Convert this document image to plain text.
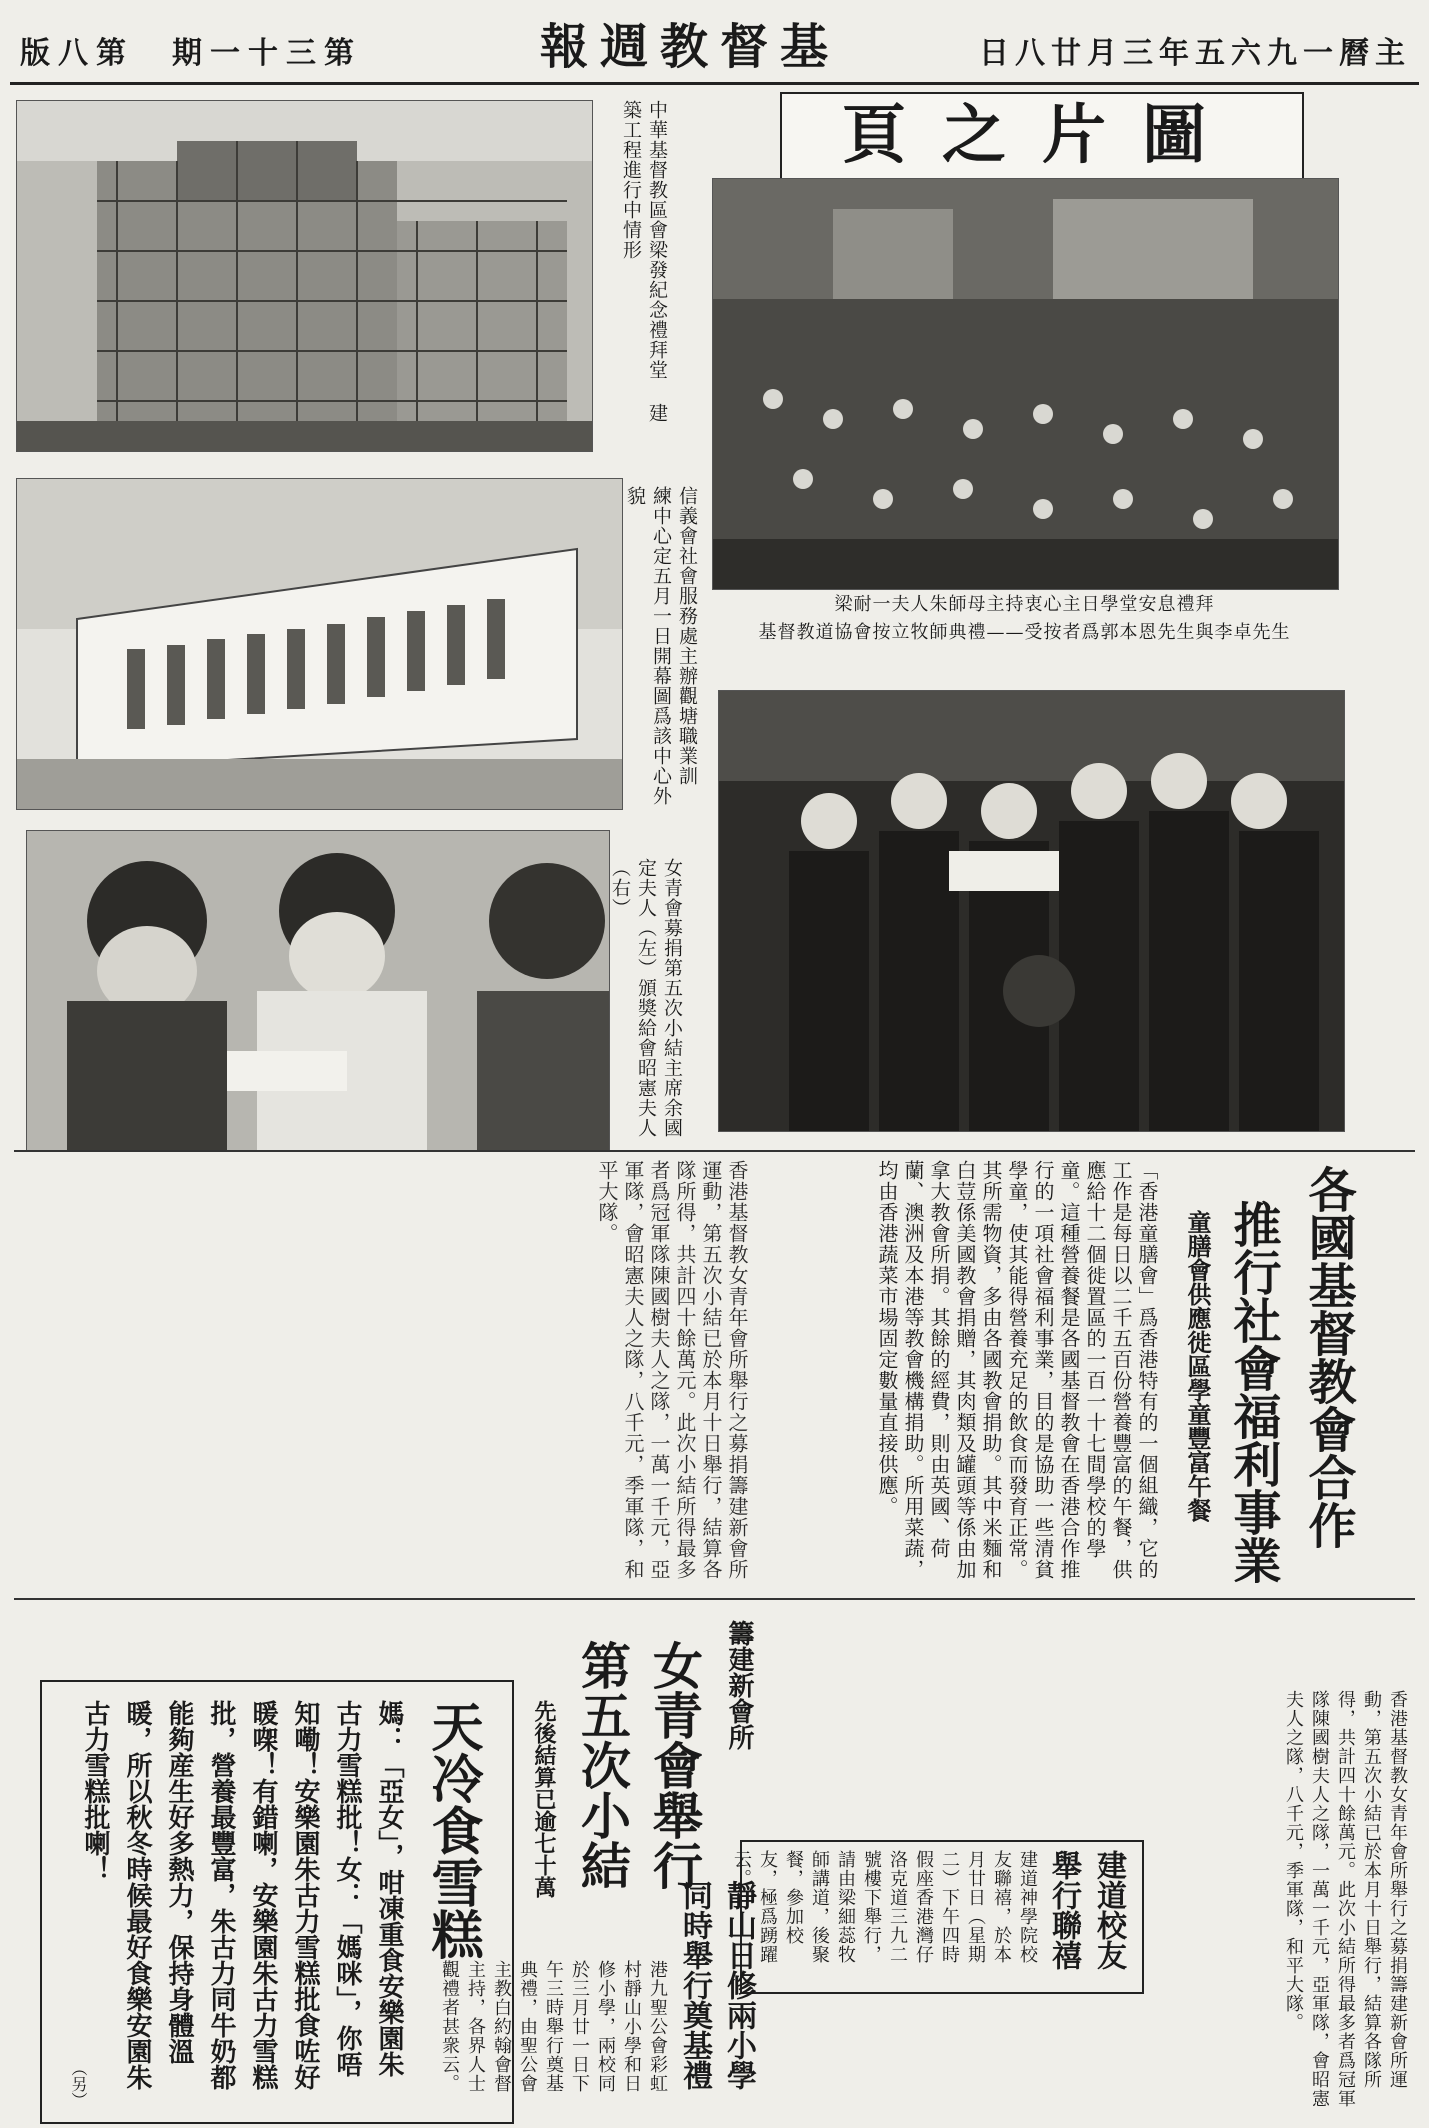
版八第　 期一十三第	報週教督基	日八廿月三年五六九一曆主
頁之片圖
中華基督教區會梁發紀念禮拜堂 建築工程進行中情形
信義會社會服務處主辦觀塘職業訓 練中心定五月一日開幕圖爲該中心外貌
女青會募捐第五次小結主席余國 定夫人（左）頒獎給會昭憲夫人（右）
梁耐一夫人朱師母主持衷心主日學堂安息禮拜
基督教道協會按立牧師典禮——受按者爲郭本恩先生與李卓先生
各國基督教會合作
推行社會福利事業
童膳會供應徙區學童豐富午餐
「香港童膳會」爲香港特有的一個組織，它的工作是每日以二千五百份營養豐富的午餐，供應給十二個徙置區的一百一十七間學校的學童。這種營養餐是各國基督教會在香港合作推行的一項社會福利事業，目的是協助一些清貧學童，使其能得營養充足的飲食而發育正常。其所需物資，多由各國教會捐助。其中米麵和白荳係美國教會捐贈，其肉類及罐頭等係由加拿大教會所捐。其餘的經費，則由英國、荷蘭、澳洲及本港等教會機構捐助。所用菜蔬，均由香港蔬菜市場固定數量直接供應。
香港基督教女青年會所舉行之募捐籌建新會所運動，第五次小結已於本月十日舉行，結算各隊所得，共計四十餘萬元。此次小結所得最多者爲冠軍隊陳國樹夫人之隊，一萬一千元，亞軍隊，會昭憲夫人之隊，八千元，季軍隊，和平大隊。
女青會舉行
第五次小結	籌建新會所
先後結算已逾七十萬
建道校友
舉行聯禧
建道神學院校友聯禧，於本月廿日（星期二）下午四時假座香港灣仔洛克道三九二號樓下舉行，請由梁細蕊牧師講道，後聚餐，參加校友，極爲踴躍云。
靜山日修兩小學
同時舉行奠基禮
港九聖公會彩虹村靜山小學和日修小學，兩校同於三月廿一日下午三時舉行奠基典禮，由聖公會主教白約翰會督主持，各界人士觀禮者甚衆云。	香港基督教女青年會所舉行之募捐籌建新會所運動，第五次小結已於本月十日舉行，結算各隊所得，共計四十餘萬元。此次小結所得最多者爲冠軍隊陳國樹夫人之隊，一萬一千元，亞軍隊，會昭憲夫人之隊，八千元，季軍隊，和平大隊。
天冷食雪糕
媽：「亞女」，咁凍重食安樂園朱古力雪糕批！女：「媽咪」，你唔知嘞！安樂園朱古力雪糕批食咗好暖㗎！有錯喇，安樂園朱古力雪糕批，營養最豐富，朱古力同牛奶都能夠産生好多熱力，保持身體溫暖，所以秋冬時候最好食樂安園朱古力雪糕批喇！
（另）
